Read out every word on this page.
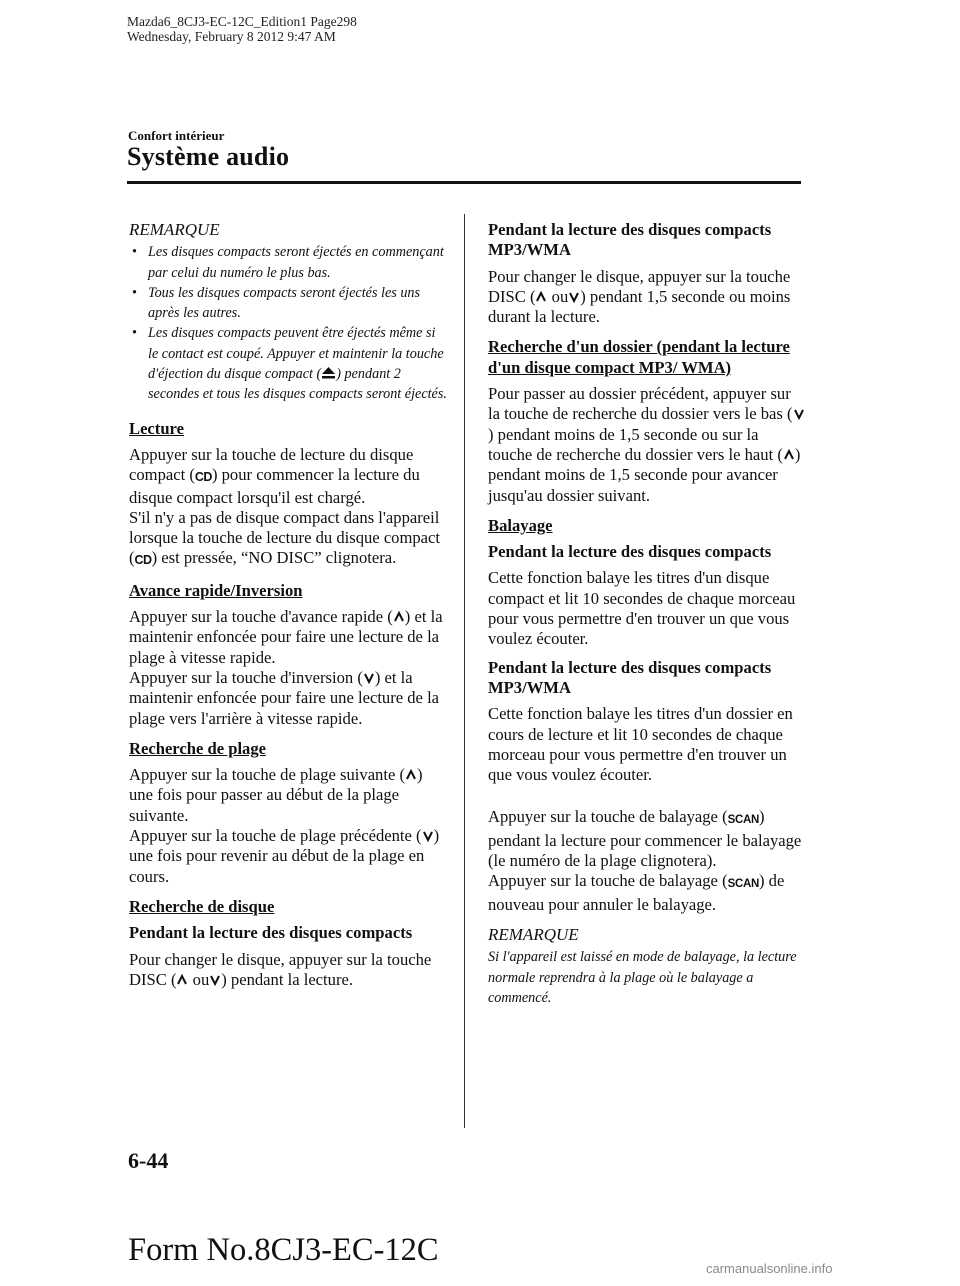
Mazda6_8CJ3-EC-12C_Edition1 Page298
Wednesday, February 8 2012 9:47 AM
Confort intérieur
Système audio
REMARQUE

• Les disques compacts seront éjectés en commençant par celui du numéro le plus bas.

• Tous les disques compacts seront éjectés les uns après les autres.

• Les disques compacts peuvent être éjectés même si le contact est coupé. Appuyer et maintenir la touche d'éjection du disque compact ( ) pendant 2 secondes et tous les disques compacts seront éjectés.

Lecture

Appuyer sur la touche de lecture du disque compact (CD) pour commencer la lecture du disque compact lorsqu'il est chargé.

S'il n'y a pas de disque compact dans l'appareil lorsque la touche de lecture du disque compact (CD) est pressée, “NO DISC” clignotera.

Avance rapide/Inversion

Appuyer sur la touche d'avance rapide ( ) et la maintenir enfoncée pour faire une lecture de la plage à vitesse rapide.

Appuyer sur la touche d'inversion ( ) et la maintenir enfoncée pour faire une lecture de la plage vers l'arrière à vitesse rapide.

Recherche de plage

Appuyer sur la touche de plage suivante ( ) une fois pour passer au début de la plage suivante.

Appuyer sur la touche de plage précédente ( ) une fois pour revenir au début de la plage en cours.

Recherche de disque
Pendant la lecture des disques compacts

Pour changer le disque, appuyer sur la touche DISC ( ou ) pendant la lecture.

Pendant la lecture des disques compacts MP3/WMA

Pour changer le disque, appuyer sur la touche DISC ( ou ) pendant 1,5 seconde ou moins durant la lecture.

Recherche d'un dossier (pendant la lecture d'un disque compact MP3/ WMA)

Pour passer au dossier précédent, appuyer sur la touche de recherche du dossier vers le bas () pendant moins de 1,5 seconde ou sur la touche de recherche du dossier vers le haut ( ) pendant moins de 1,5 seconde pour avancer jusqu'au dossier suivant.

Balayage
Pendant la lecture des disques compacts

Cette fonction balaye les titres d'un disque compact et lit 10 secondes de chaque morceau pour vous permettre d'en trouver un que vous voulez écouter.

Pendant la lecture des disques compacts MP3/WMA

Cette fonction balaye les titres d'un dossier en cours de lecture et lit 10 secondes de chaque morceau pour vous permettre d'en trouver un que vous voulez écouter.

Appuyer sur la touche de balayage (SCAN) pendant la lecture pour commencer le balayage (le numéro de la plage clignotera).

Appuyer sur la touche de balayage (SCAN) de nouveau pour annuler le balayage.

REMARQUE
Si l'appareil est laissé en mode de balayage, la lecture normale reprendra à la plage où le balayage a commencé.
6-44
Form No.8CJ3-EC-12C
carmanualsonline.info
